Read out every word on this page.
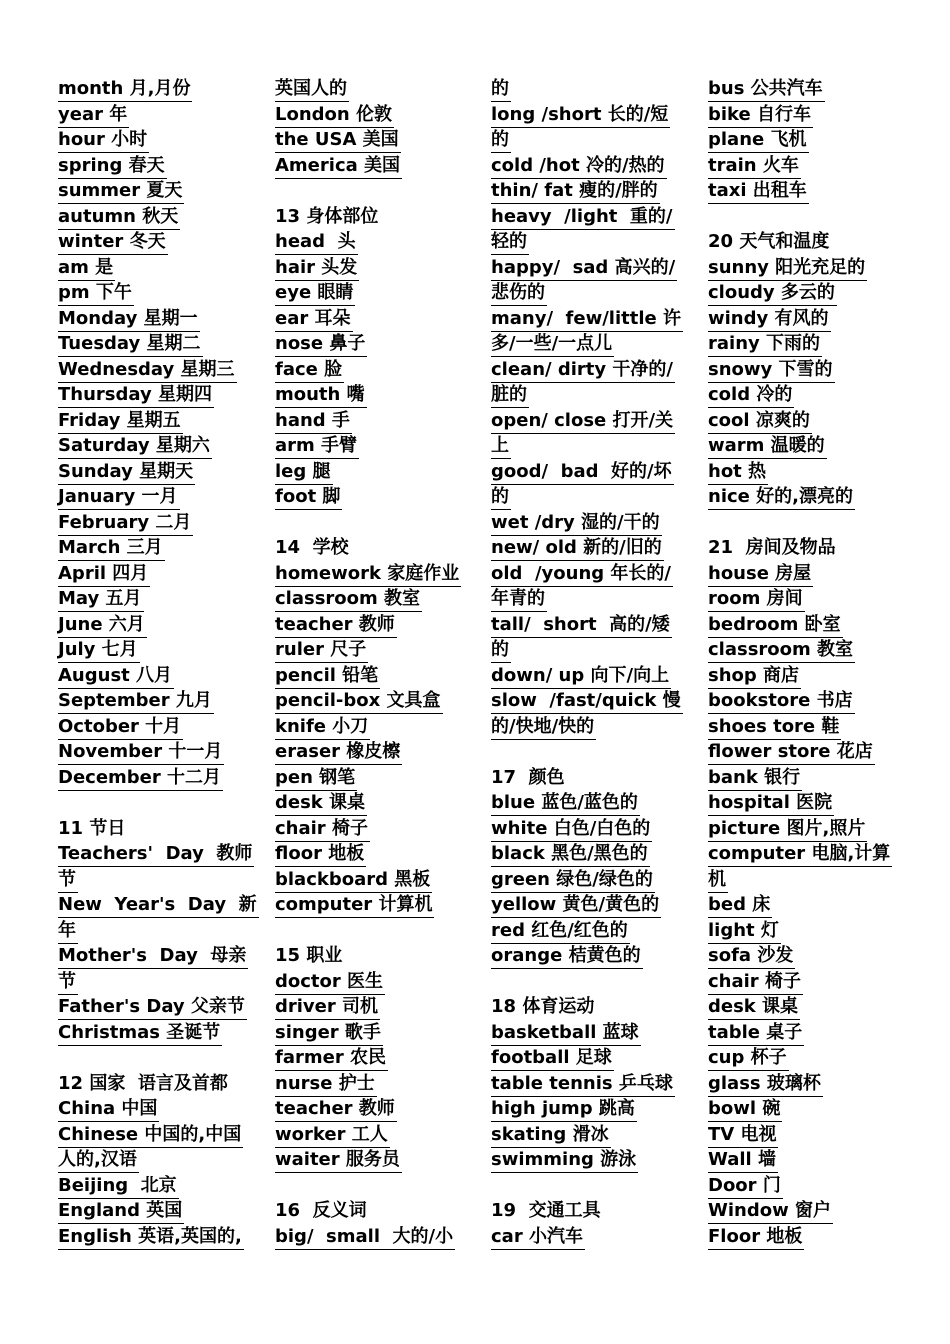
month 月,月份
year 年
hour 小时
spring 春天
summer 夏天
autumn 秋天
winter 冬天
am 是
pm 下午
Monday 星期一
Tuesday 星期二
Wednesday 星期三
Thursday 星期四
Friday 星期五
Saturday 星期六
Sunday 星期天
January 一月
February 二月
March 三月
April 四月
May 五月
June 六月
July 七月
August 八月
September 九月
October 十月
November 十一月
December 十二月
11 节日
Teachers'  Day  教师
节
New  Year's  Day  新
年
Mother's  Day  母亲
节
Father's Day 父亲节
Christmas 圣诞节
12 国家  语言及首都
China 中国
Chinese 中国的,中国
人的,汉语
Beijing  北京
England 英国
English 英语,英国的,
英国人的
London 伦敦
the USA 美国
America 美国
13 身体部位
head  头
hair 头发
eye 眼睛
ear 耳朵
nose 鼻子
face 脸
mouth 嘴
hand 手
arm 手臂
leg 腿
foot 脚
14  学校
homework 家庭作业
classroom 教室
teacher 教师
ruler 尺子
pencil 铅笔
pencil-box 文具盒
knife 小刀
eraser 橡皮檫
pen 钢笔
desk 课桌
chair 椅子
floor 地板
blackboard 黑板
computer 计算机
15 职业
doctor 医生
driver 司机
singer 歌手
farmer 农民
nurse 护士
teacher 教师
worker 工人
waiter 服务员
16  反义词
big/  small  大的/小
的
long /short 长的/短
的
cold /hot 冷的/热的
thin/ fat 瘦的/胖的
heavy  /light  重的/
轻的
happy/  sad 高兴的/
悲伤的
many/  few/little 许
多/一些/一点儿
clean/ dirty 干净的/
脏的
open/ close 打开/关
上
good/  bad  好的/坏
的
wet /dry 湿的/干的
new/ old 新的/旧的
old  /young 年长的/
年青的
tall/  short  高的/矮
的
down/ up 向下/向上
slow  /fast/quick 慢
的/快地/快的
17  颜色
blue 蓝色/蓝色的
white 白色/白色的
black 黑色/黑色的
green 绿色/绿色的
yellow 黄色/黄色的
red 红色/红色的
orange 桔黄色的
18 体育运动
basketball 蓝球
football 足球
table tennis 乒乓球
high jump 跳高
skating 滑冰
swimming 游泳
19  交通工具
car 小汽车
bus 公共汽车
bike 自行车
plane 飞机
train 火车
taxi 出租车
20 天气和温度
sunny 阳光充足的
cloudy 多云的
windy 有风的
rainy 下雨的
snowy 下雪的
cold 冷的
cool 凉爽的
warm 温暖的
hot 热
nice 好的,漂亮的
21  房间及物品
house 房屋
room 房间
bedroom 卧室
classroom 教室
shop 商店
bookstore 书店
shoes tore 鞋
flower store 花店
bank 银行
hospital 医院
picture 图片,照片
computer 电脑,计算
机
bed 床
light 灯
sofa 沙发
chair 椅子
desk 课桌
table 桌子
cup 杯子
glass 玻璃杯
bowl 碗
TV 电视
Wall 墙
Door 门
Window 窗户
Floor 地板
